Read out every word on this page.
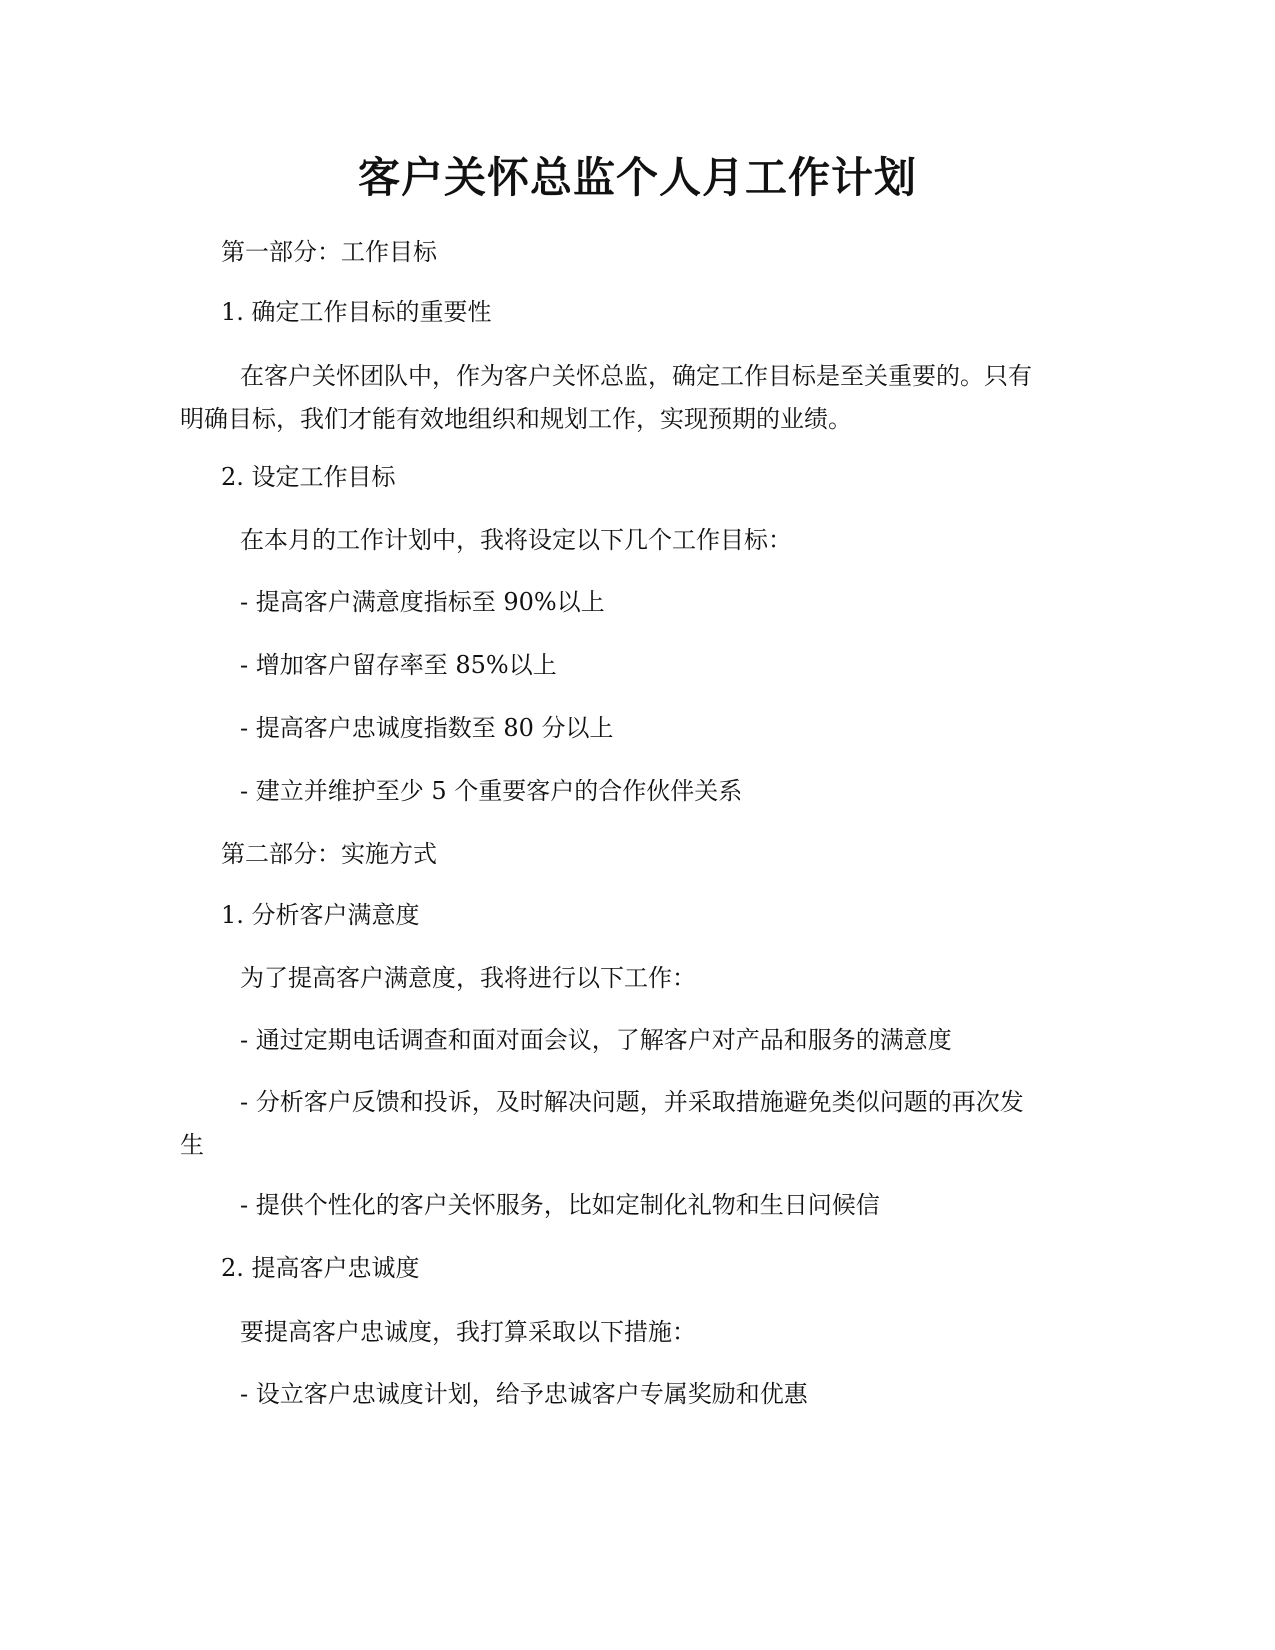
客户关怀总监个人月工作计划
第一部分：工作目标
1. 确定工作目标的重要性
在客户关怀团队中，作为客户关怀总监，确定工作目标是至关重要的。只有
明确目标，我们才能有效地组织和规划工作，实现预期的业绩。
2. 设定工作目标
在本月的工作计划中，我将设定以下几个工作目标：
- 提高客户满意度指标至 90%以上
- 增加客户留存率至 85%以上
- 提高客户忠诚度指数至 80 分以上
- 建立并维护至少 5 个重要客户的合作伙伴关系
第二部分：实施方式
1. 分析客户满意度
为了提高客户满意度，我将进行以下工作：
- 通过定期电话调查和面对面会议，了解客户对产品和服务的满意度
- 分析客户反馈和投诉，及时解决问题，并采取措施避免类似问题的再次发
生
- 提供个性化的客户关怀服务，比如定制化礼物和生日问候信
2. 提高客户忠诚度
要提高客户忠诚度，我打算采取以下措施：
- 设立客户忠诚度计划，给予忠诚客户专属奖励和优惠
